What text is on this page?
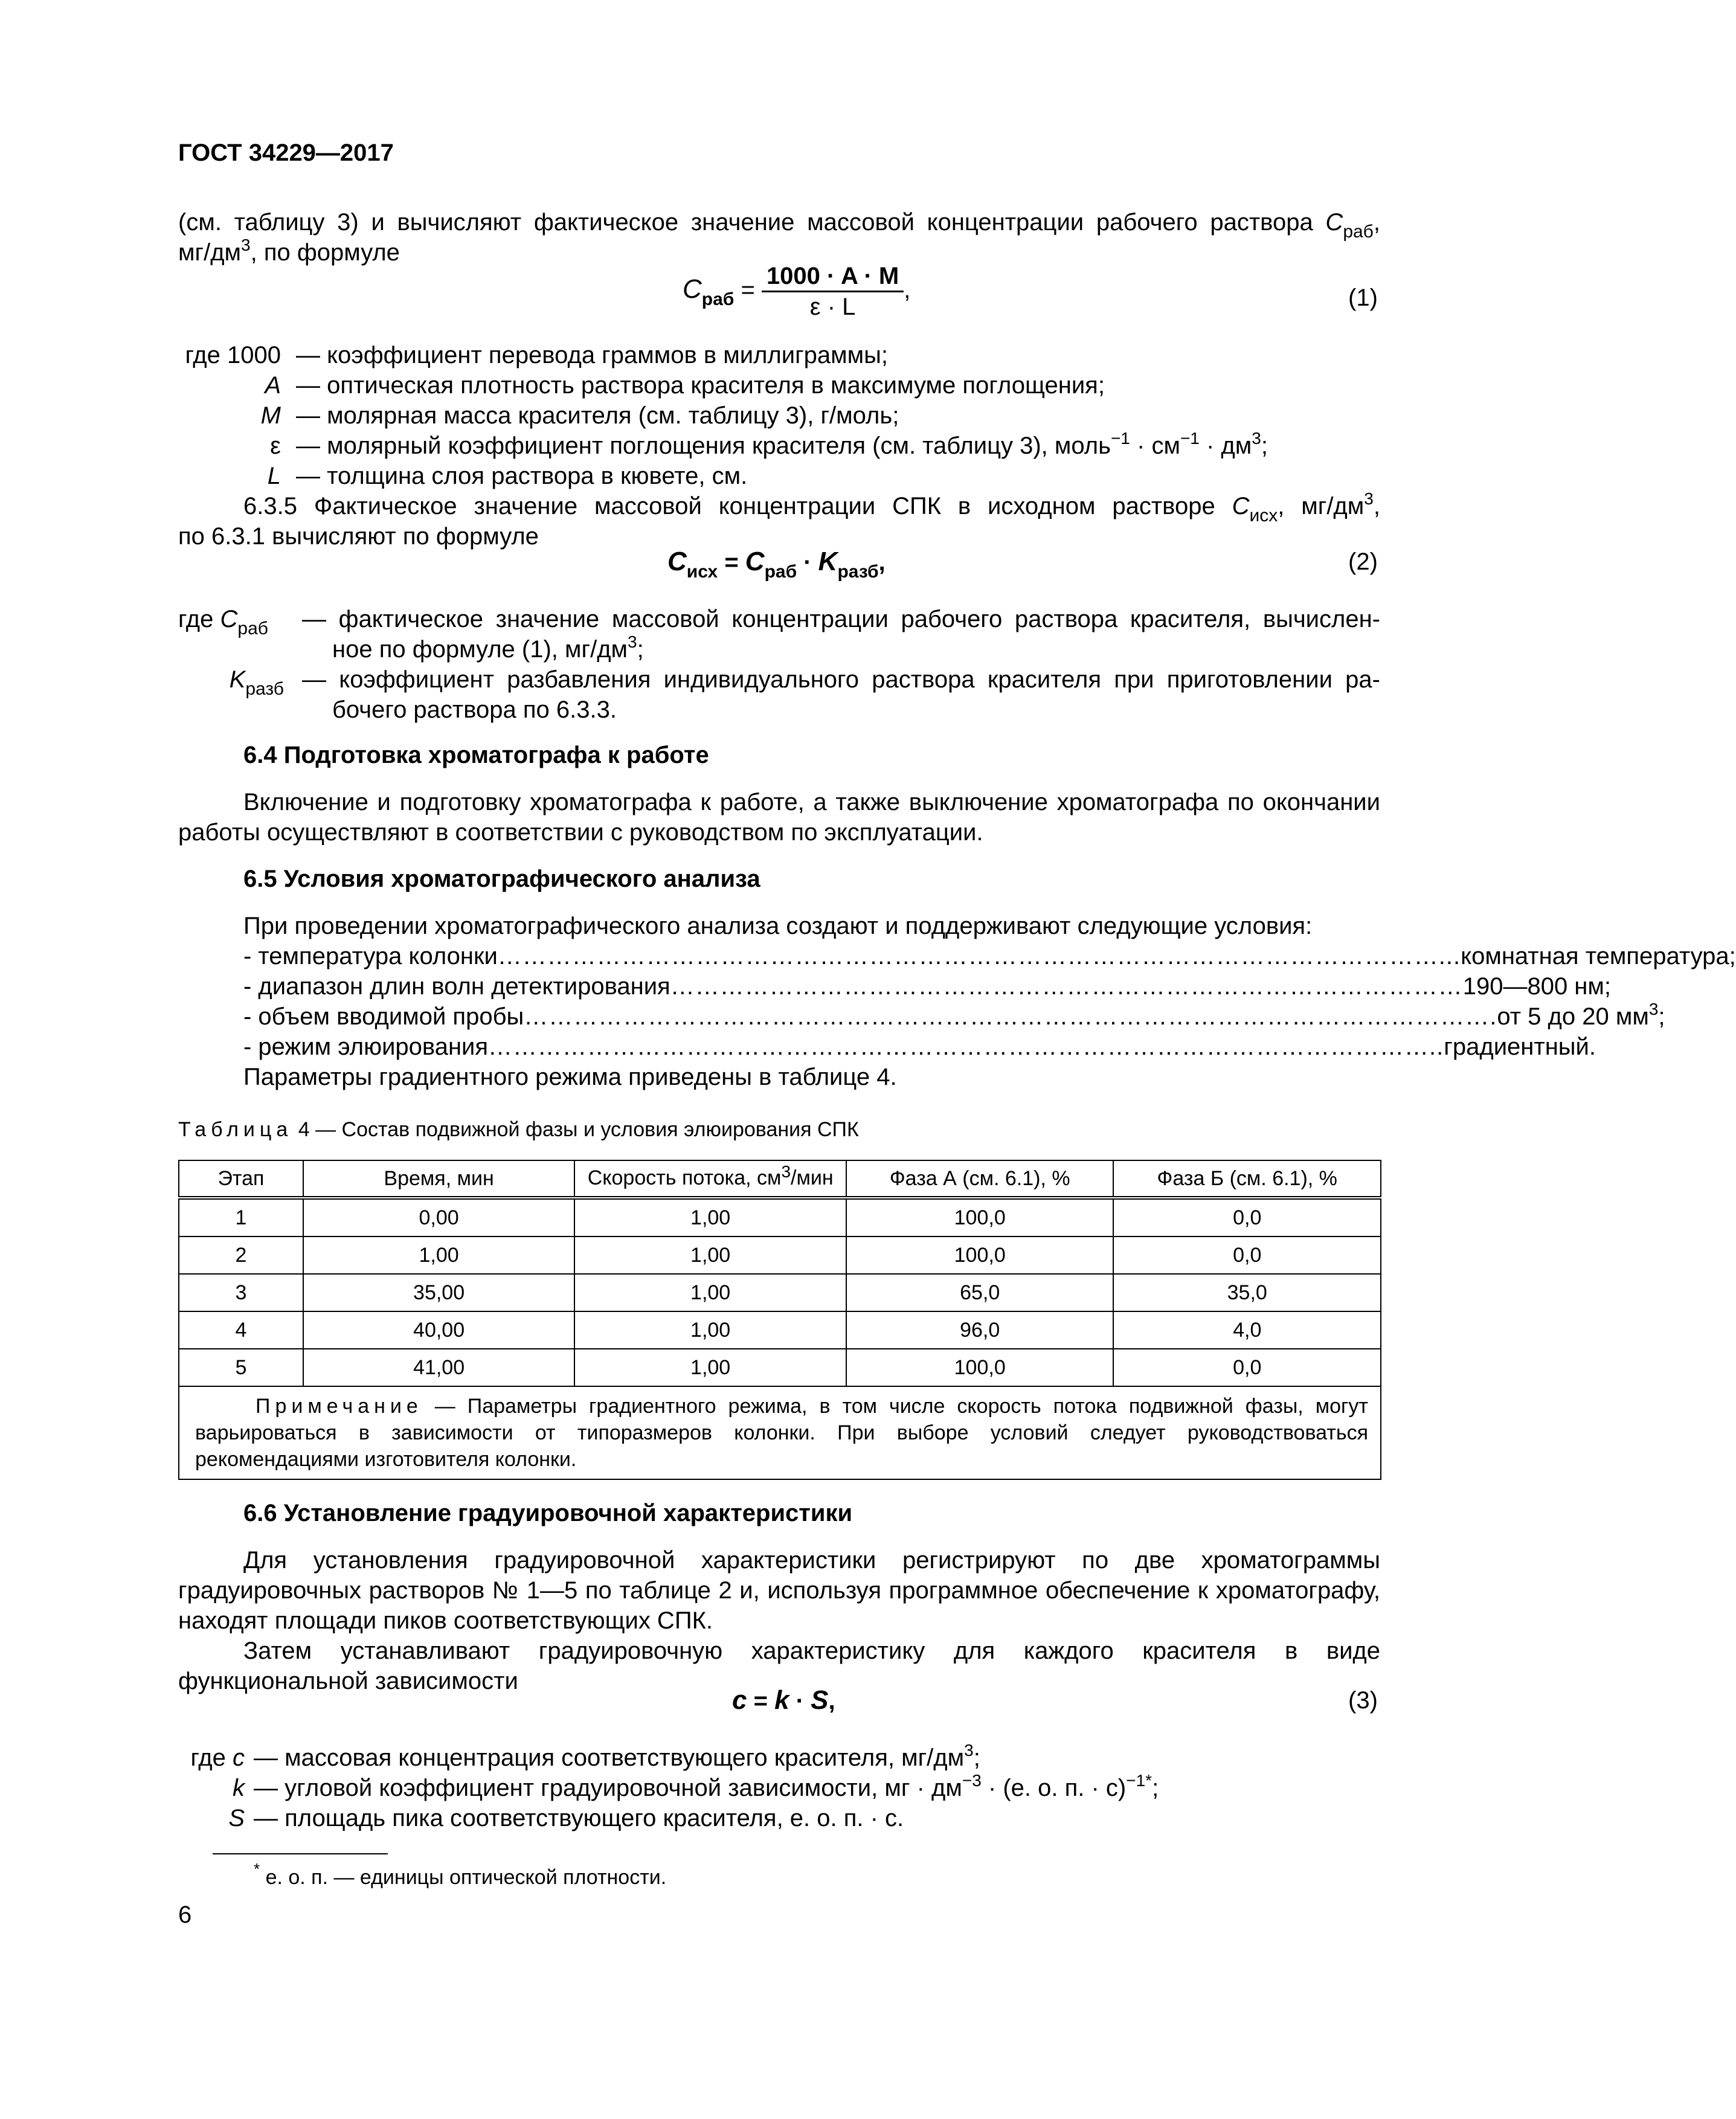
ГОСТ 34229—2017
(см. таблицу 3) и вычисляют фактическое значение массовой концентрации рабочего раствора $C_{раб}$,
$мг/дм^3$, по формуле
$C_{раб} = \frac{1000 \cdot A \cdot M}{\varepsilon \cdot L}$ ,	(1)
где 1000 — коэффициент перевода граммов в миллиграммы;
A — оптическая плотность раствора красителя в максимуме поглощения;
M — молярная масса красителя (см. таблицу 3), г/моль;
ε — молярный коэффициент поглощения красителя (см. таблицу 3), моль$^{-1}$ · $см^{-1} \cdot дм^3$;
L — толщина слоя раствора в кювете, см.
6.3.5 Фактическое значение массовой концентрации СПК в исходном растворе $C_{исх}$, $мг/дм^3$,
по 6.3.1 вычисляют по формуле
$C_{исх} = C_{раб} \cdot K_{разб}$,	(2)
где $C_{раб}$	— фактическое значение массовой концентрации рабочего раствора красителя, вычислен-
ное по формуле (1), $мг/дм^3$;
$K_{разб}$ — коэффициент разбавления индивидуального раствора красителя при приготовлении ра-
бочего раствора по 6.3.3.
6.4 Подготовка хроматографа к работе
Включение и подготовку хроматографа к работе, а также выключение хроматографа по окончании работы осуществляют в соответствии с руководством по эксплуатации.
6.5 Условия хроматографического анализа
При проведении хроматографического анализа создают и поддерживают следующие условия:
- температура колонки ……………………………………………………………………………………………………... комнатная температура;
- диапазон длин волн детектирования …………………………………………………………………………………… 190—800 нм;
- объем вводимой пробы ………………………………………………………………………………………………………. от 5 до 20 $мм^3$;
- режим элюирования …………………………………………………………………………………………………….. градиентный.
Параметры градиентного режима приведены в таблице 4.
Таблица 4 — Состав подвижной фазы и условия элюирования СПК
Этап	Время, мин	Скорость потока, $см^3$/мин	Фаза А (см. 6.1), %	Фаза Б (см. 6.1), %
1	0,00	1,00	100,0	0,0
2	1,00	1,00	100,0	0,0
3	35,00	1,00	65,0	35,0
4	40,00	1,00	96,0	4,0
5	41,00	1,00	100,0	0,0
Примечание — Параметры градиентного режима, в том числе скорость потока подвижной фазы, могут варьироваться в зависимости от типоразмеров колонки. При выборе условий следует руководствоваться рекомендациями изготовителя колонки.				
6.6 Установление градуировочной характеристики
Для установления градуировочной характеристики регистрируют по две хроматограммы градуировочных растворов № 1—5 по таблице 2 и, используя программное обеспечение к хроматографу, находят площади пиков соответствующих СПК.
Затем устанавливают градуировочную характеристику для каждого красителя в виде функциональной зависимости
c = k · S,	(3)
где c — массовая концентрация соответствующего красителя, $мг/дм^3$;
k — угловой коэффициент градуировочной зависимости, мг · $дм^{-3} \cdot (е$. о. п. · с)$^{-1*}$;
S — площадь пика соответствующего красителя, е. о. п. · с.
* е. о. п. — единицы оптической плотности.
6
